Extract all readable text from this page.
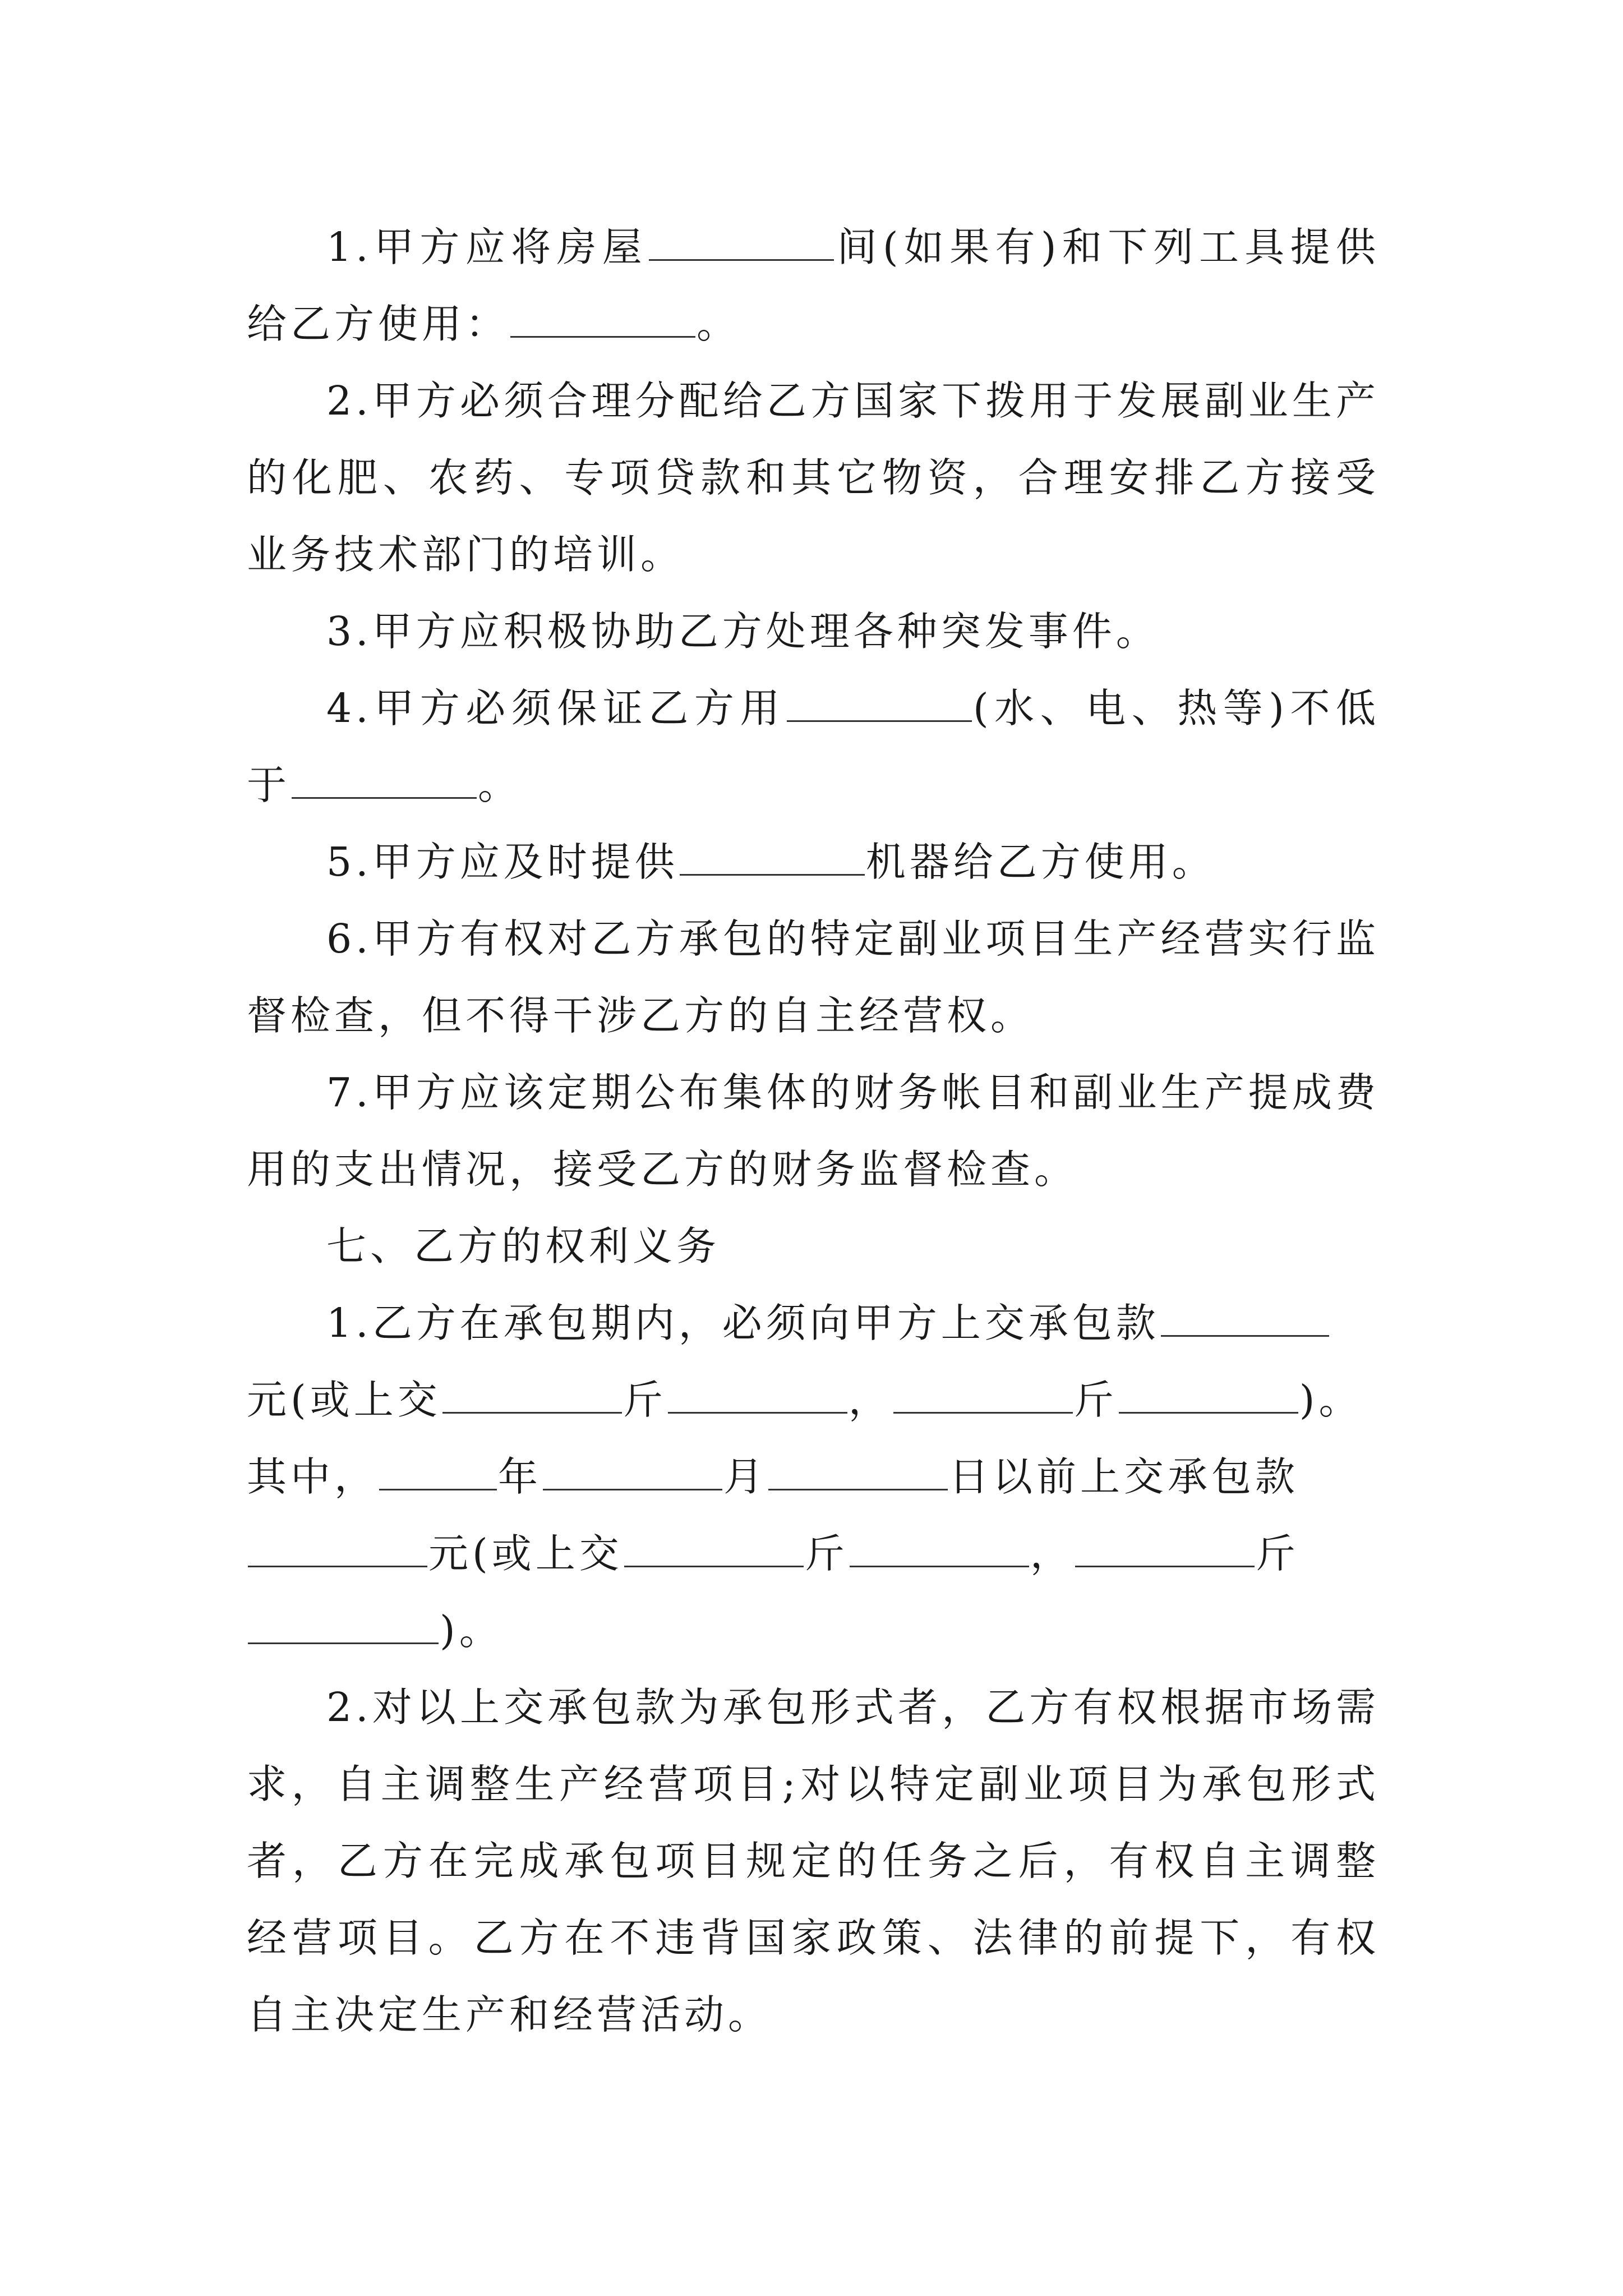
1.甲方应将房屋	间(如果有)和下列工具提供给乙方使用：	。

2.甲方必须合理分配给乙方国家下拨用于发展副业生产的化肥、农药、专项贷款和其它物资，合理安排乙方接受业务技术部门的培训。

3.甲方应积极协助乙方处理各种突发事件。

4.甲方必须保证乙方用	(水、电、热等)不低于	。

5.甲方应及时提供	机器给乙方使用。

6.甲方有权对乙方承包的特定副业项目生产经营实行监督检查，但不得干涉乙方的自主经营权。

7.甲方应该定期公布集体的财务帐目和副业生产提成费用的支出情况，接受乙方的财务监督检查。

七、乙方的权利义务

1.乙方在承包期内，必须向甲方上交承包款

元(或上交	斤	，	斤	)。

其中，	年	月	日以前上交承包款

元(或上交	斤	，	斤

)。

2.对以上交承包款为承包形式者，乙方有权根据市场需求，自主调整生产经营项目;对以特定副业项目为承包形式者，乙方在完成承包项目规定的任务之后，有权自主调整经营项目。乙方在不违背国家政策、法律的前提下，有权自主决定生产和经营活动。
